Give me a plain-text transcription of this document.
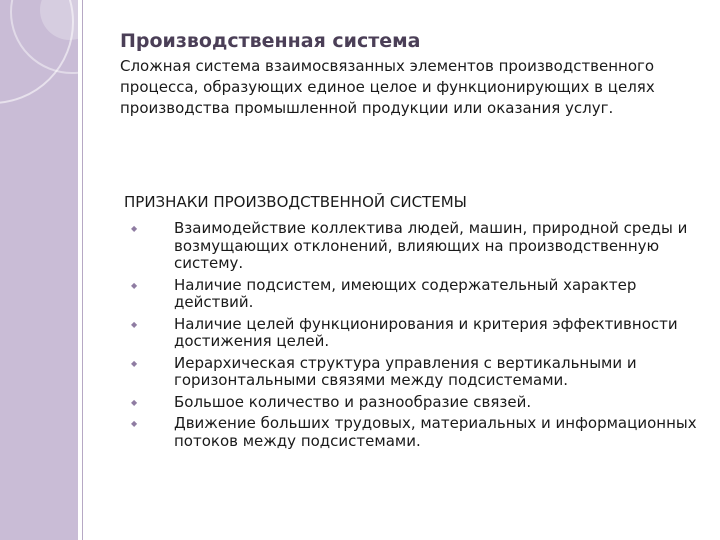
Производственная система

Сложная система взаимосвязанных элементов производственного процесса, образующих единое целое и функционирующих в целях производства промышленной продукции или оказания услуг.

ПРИЗНАКИ ПРОИЗВОДСТВЕННОЙ СИСТЕМЫ
◆ Взаимодействие коллектива людей, машин, природной среды и возмущающих отклонений, влияющих на производственную систему.
◆ Наличие подсистем, имеющих содержательный характер действий.
◆ Наличие целей функционирования и критерия эффективности достижения целей.
◆ Иерархическая структура управления с вертикальными и горизонтальными связями между подсистемами.
◆ Большое количество и разнообразие связей.
◆ Движение больших трудовых, материальных и информационных потоков между подсистемами.
